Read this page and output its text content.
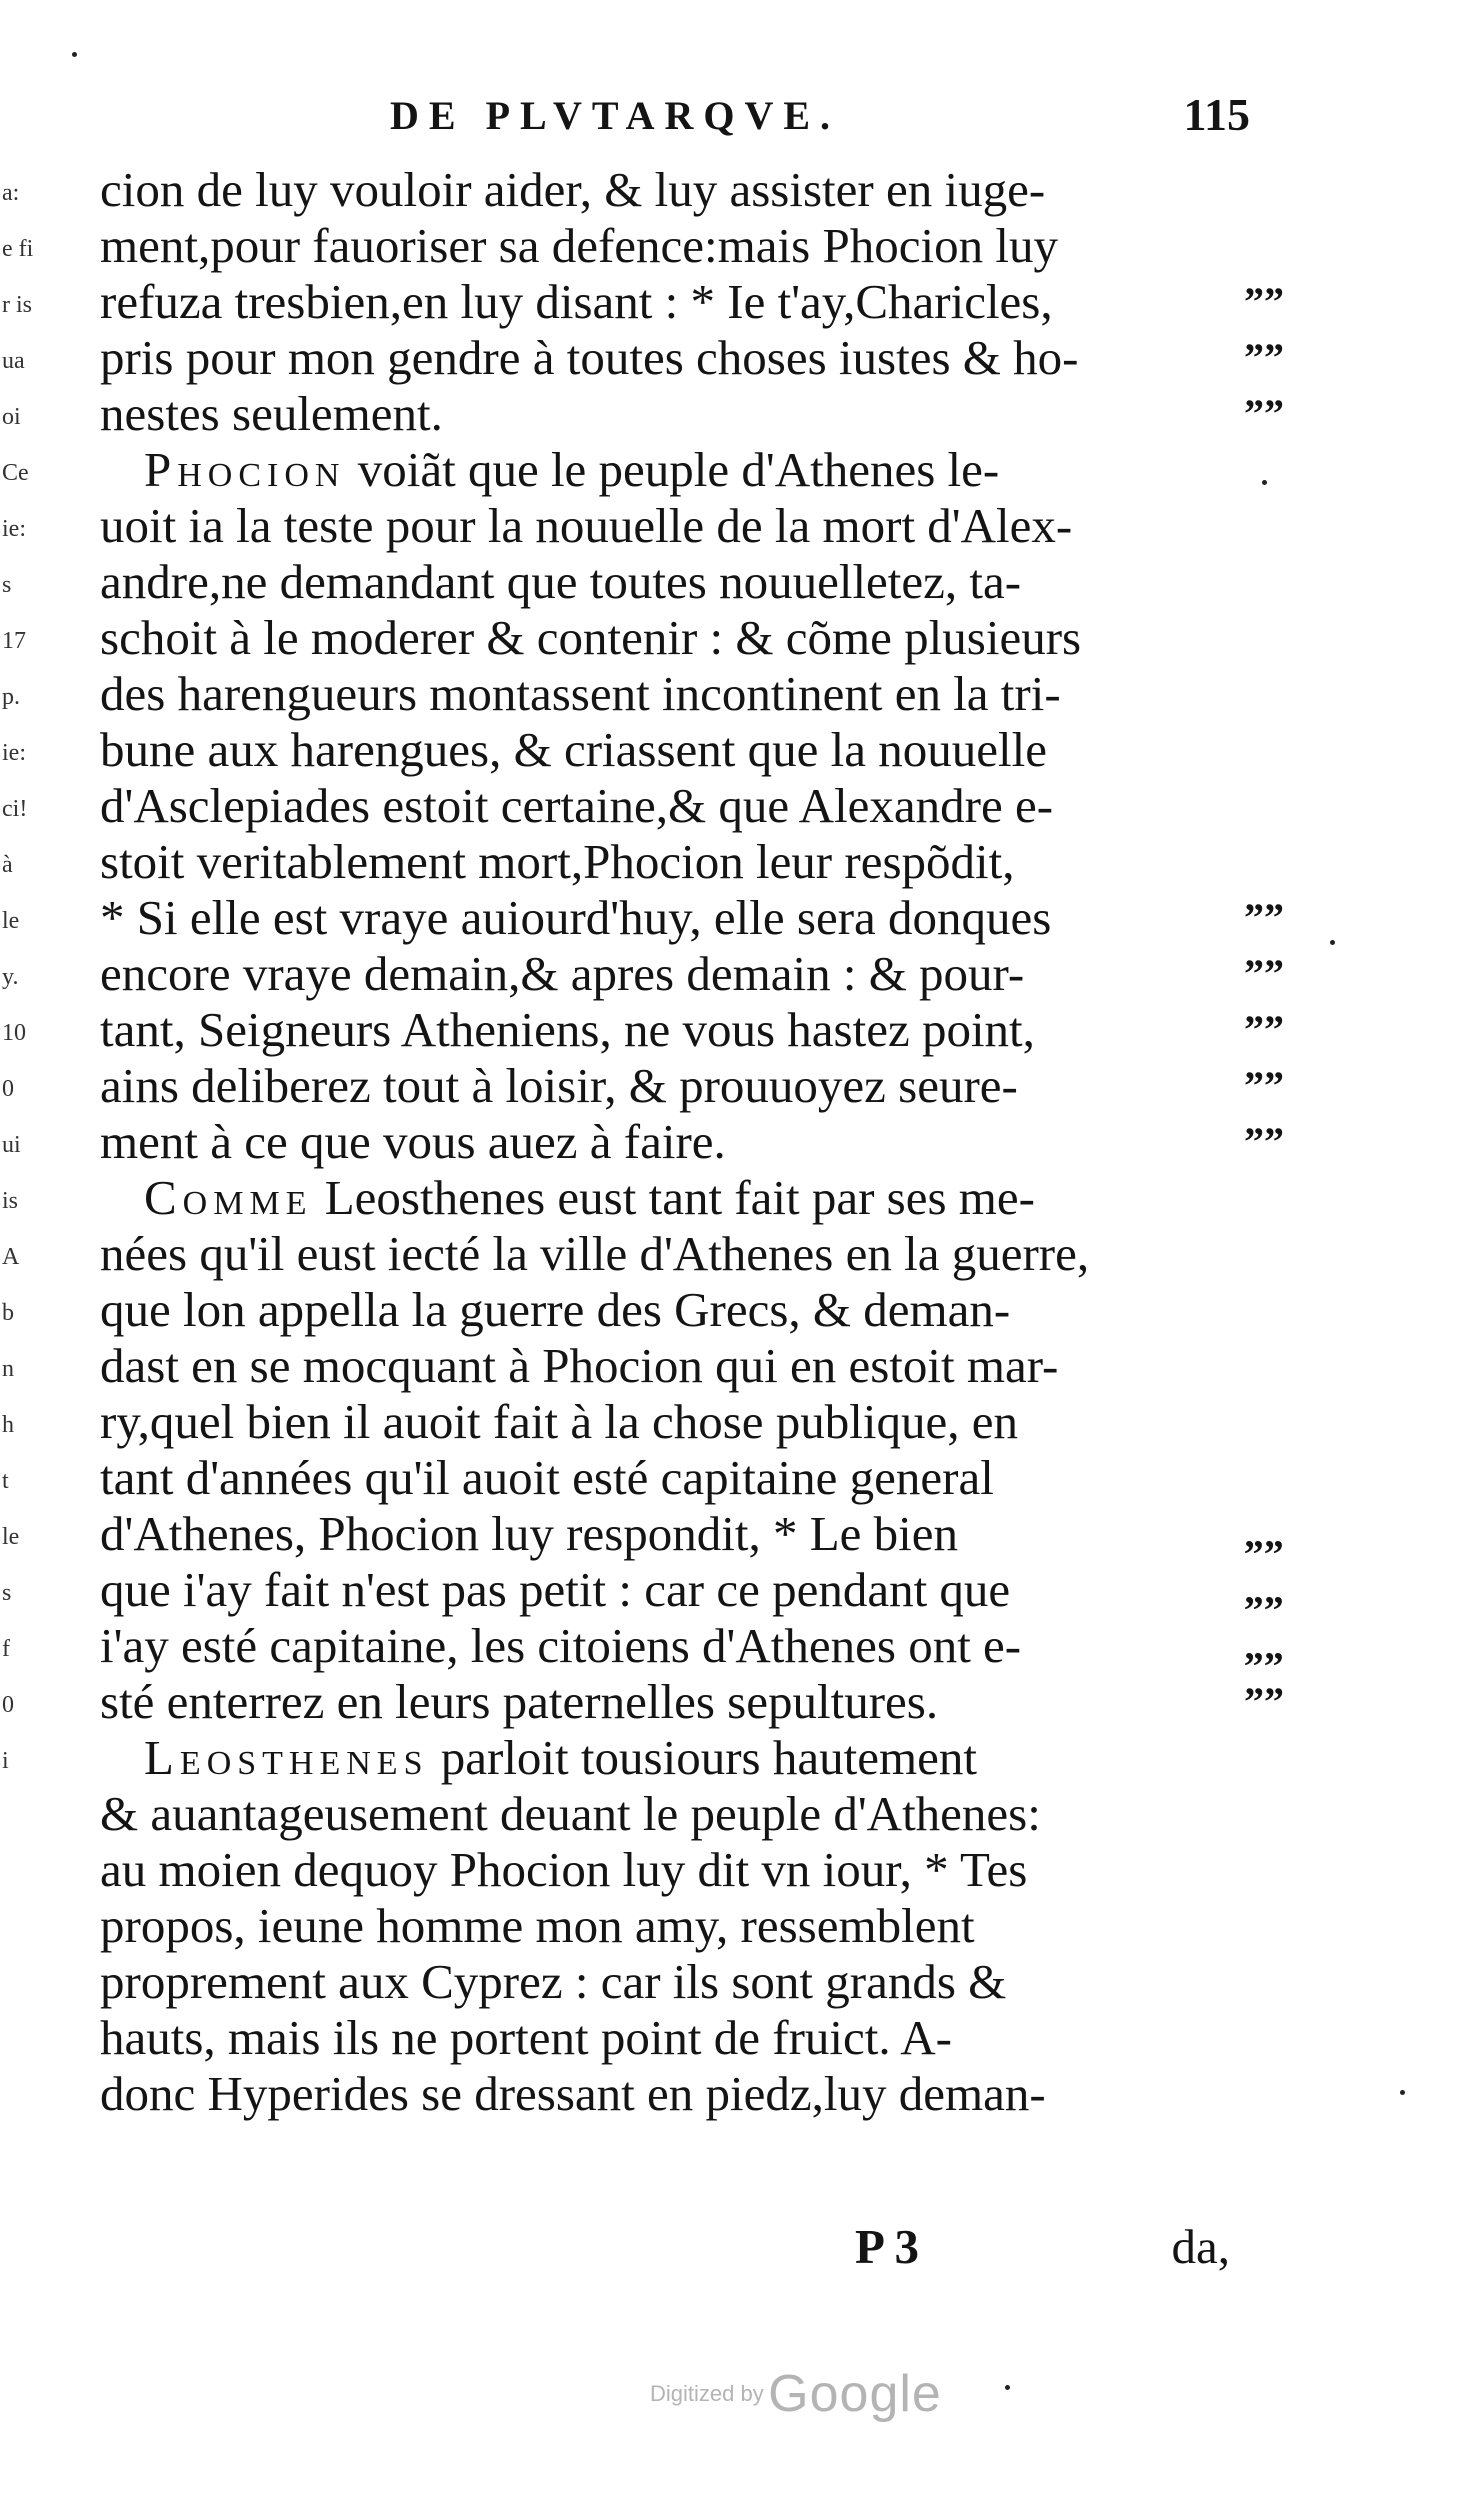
a:
e fi
r is
ua
oi
Ce
ie:
s
17
p.
ie:
ci!
à
le
y.
10
0
ui
is
A
b
n
h
t
le
s
f
0
i
DE PLVTARQVE.	115
cion de luy vouloir aider, & luy assister en iuge-
ment,pour fauoriser sa defence:mais Phocion luy
refuza tresbien,en luy disant : * Ie t'ay,Charicles,
pris pour mon gendre à toutes choses iustes & ho-
nestes seulement.
Phocion voiãt que le peuple d'Athenes le-
uoit ia la teste pour la nouuelle de la mort d'Alex-
andre,ne demandant que toutes nouuelletez, ta-
schoit à le moderer & contenir : & cõme plusieurs
des harengueurs montassent incontinent en la tri-
bune aux harengues, & criassent que la nouuelle
d'Asclepiades estoit certaine,& que Alexandre e-
stoit veritablement mort,Phocion leur respõdit,
* Si elle est vraye auiourd'huy, elle sera donques
encore vraye demain,& apres demain : & pour-
tant, Seigneurs Atheniens, ne vous hastez point,
ains deliberez tout à loisir, & prouuoyez seure-
ment à ce que vous auez à faire.
Comme Leosthenes eust tant fait par ses me-
nées qu'il eust iecté la ville d'Athenes en la guerre,
que lon appella la guerre des Grecs, & deman-
dast en se mocquant à Phocion qui en estoit mar-
ry,quel bien il auoit fait à la chose publique, en
tant d'années qu'il auoit esté capitaine general
d'Athenes, Phocion luy respondit, * Le bien
que i'ay fait n'est pas petit : car ce pendant que
i'ay esté capitaine, les citoiens d'Athenes ont e-
sté enterrez en leurs paternelles sepultures.
Leosthenes parloit tousiours hautement
& auantageusement deuant le peuple d'Athenes:
au moien dequoy Phocion luy dit vn iour, * Tes
propos, ieune homme mon amy, ressemblent
proprement aux Cyprez : car ils sont grands &
hauts, mais ils ne portent point de fruict. A-
donc Hyperides se dressant en piedz,luy deman-
””
””
””
””
””
””
””
””
„„
„„
„„
””
P 3	da,
Digitized by Google
